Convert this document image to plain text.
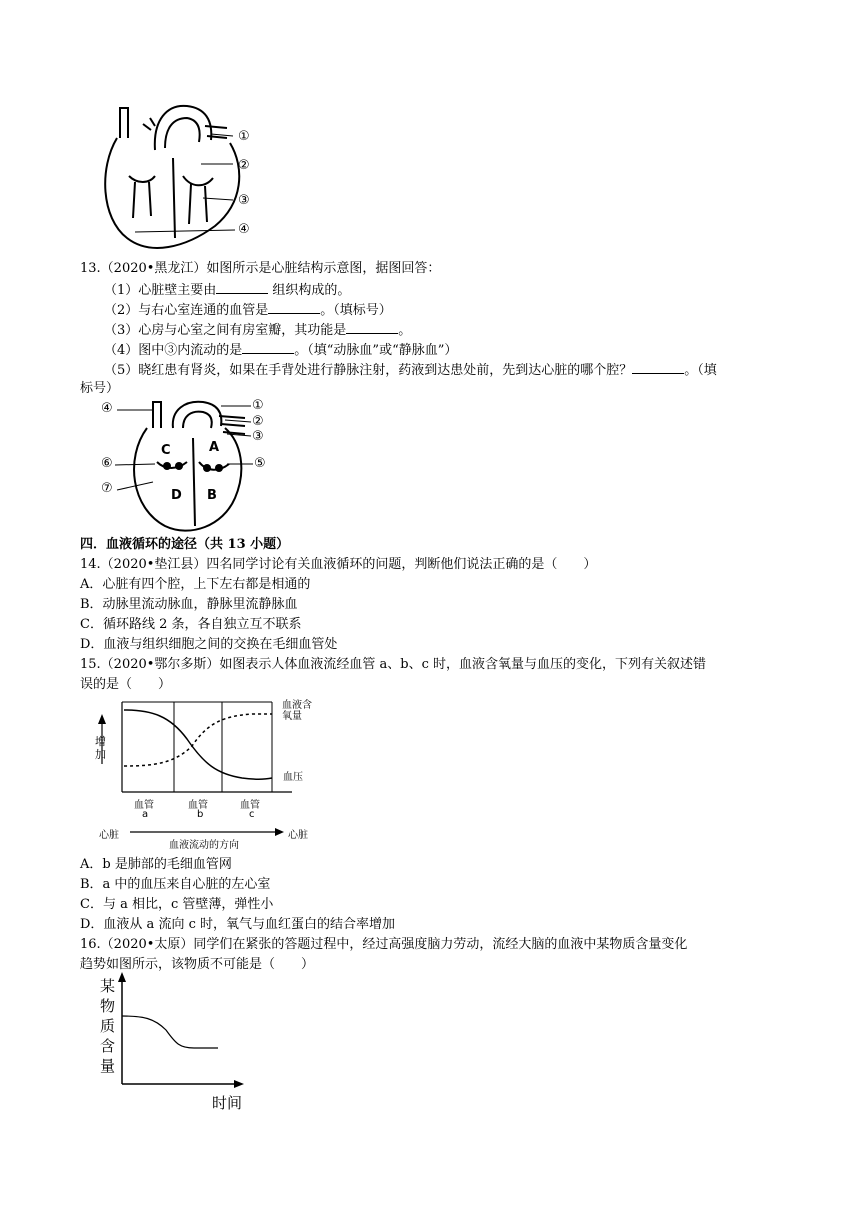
①
②
③
④
13.（2020•黑龙江）如图所示是心脏结构示意图，据图回答：
（1）心脏壁主要由	组织构成的。
（2）与右心室连通的血管是	。（填标号）
（3）心房与心室之间有房室瓣，其功能是	。
（4）图中③内流动的是	。（填“动脉血”或“静脉血”）
（5）晓红患有肾炎，如果在手背处进行静脉注射，药液到达患处前，先到达心脏的哪个腔？	。（填
标号）
④	①
②
③
⑥	⑤
⑦
C	A
D B
四．血液循环的途径（共 13 小题）
14.（2020•垫江县）四名同学讨论有关血液循环的问题，判断他们说法正确的是（　　）
A．心脏有四个腔，上下左右都是相通的
B．动脉里流动脉血，静脉里流静脉血
C．循环路线 2 条，各自独立互不联系
D．血液与组织细胞之间的交换在毛细血管处
15.（2020•鄂尔多斯）如图表示人体血液流经血管 a、b、c 时，血液含氧量与血压的变化，下列有关叙述错
误的是（　　）
血液含氧量
血压
增加
血管
a
血管
b
血管
c
心脏	心脏
血液流动的方向
A．b 是肺部的毛细血管网
B．a 中的血压来自心脏的左心室
C．与 a 相比，c 管壁薄，弹性小
D．血液从 a 流向 c 时，氧气与血红蛋白的结合率增加
16.（2020•太原）同学们在紧张的答题过程中，经过高强度脑力劳动，流经大脑的血液中某物质含量变化
趋势如图所示，该物质不可能是（　　）
某
物
质
含
量
时间
